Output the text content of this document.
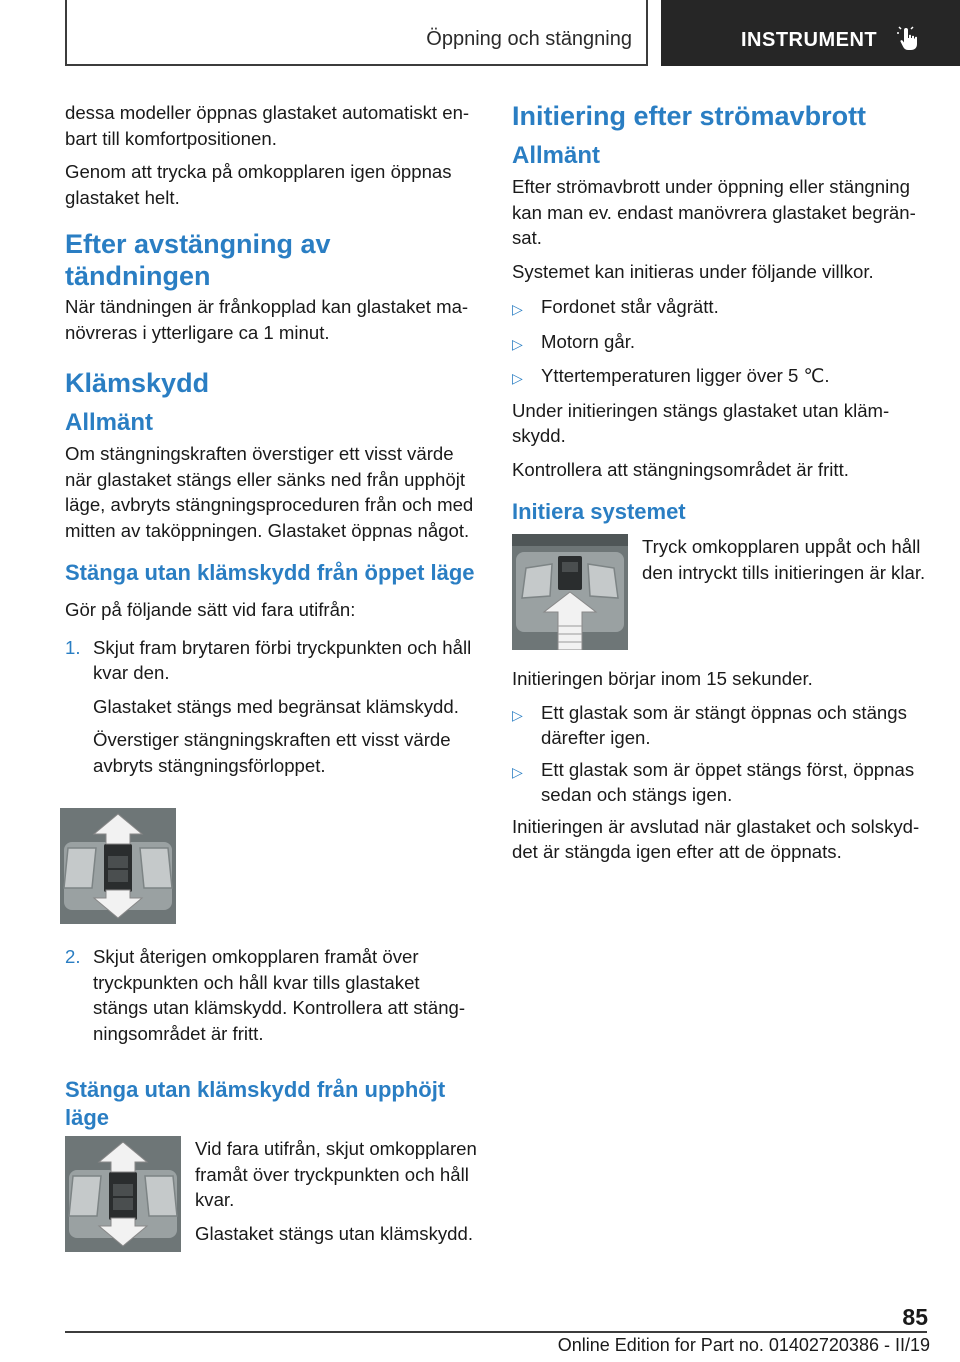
Öppning och stängning	INSTRUMENT

dessa modeller öppnas glastaket automatiskt en-bart till komfortpositionen.

Genom att trycka på omkopplaren igen öppnas glastaket helt.

Efter avstängning av tändningen

När tändningen är frånkopplad kan glastaket ma-növreras i ytterligare ca 1 minut.

Klämskydd
Allmänt

Om stängningskraften överstiger ett visst värde när glastaket stängs eller sänks ned från upphöjt läge, avbryts stängningsproceduren från och med mitten av taköppningen. Glastaket öppnas något.

Stänga utan klämskydd från öppet läge

Gör på följande sätt vid fara utifrån:

1. Skjut fram brytaren förbi tryckpunkten och håll kvar den.

Glastaket stängs med begränsat klämskydd.

Överstiger stängningskraften ett visst värde avbryts stängningsförloppet.

2. Skjut återigen omkopplaren framåt över tryckpunkten och håll kvar tills glastaket stängs utan klämskydd. Kontrollera att stäng-ningsområdet är fritt.

Stänga utan klämskydd från upphöjt läge

Vid fara utifrån, skjut omkopplaren framåt över tryckpunkten och håll kvar.

Glastaket stängs utan klämskydd.

Initiering efter strömavbrott
Allmänt

Efter strömavbrott under öppning eller stängning kan man ev. endast manövrera glastaket begrän-sat.

Systemet kan initieras under följande villkor.

▷ Fordonet står vågrätt.
▷ Motorn går.
▷ Yttertemperaturen ligger över 5 ℃.

Under initieringen stängs glastaket utan kläm-skydd.

Kontrollera att stängningsområdet är fritt.

Initiera systemet

Tryck omkopplaren uppåt och håll den intryckt tills initieringen är klar.

Initieringen börjar inom 15 sekunder.

▷ Ett glastak som är stängt öppnas och stängs därefter igen.
▷ Ett glastak som är öppet stängs först, öppnas sedan och stängs igen.

Initieringen är avslutad när glastaket och solskyd-det är stängda igen efter att de öppnats.

85
Online Edition for Part no. 01402720386 - II/19
